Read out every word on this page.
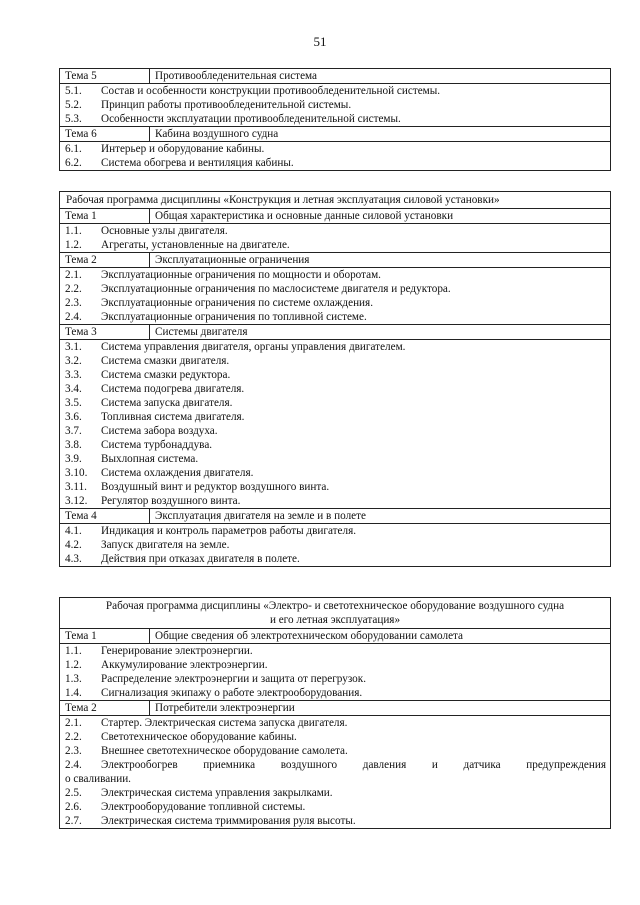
51
Тема 5	Противообледенительная система
5.1.	Состав и особенности конструкции противообледенительной системы.
5.2.	Принцип работы противообледенительной системы.
5.3.	Особенности эксплуатации противообледенительной системы.
Тема 6	Кабина воздушного судна
6.1.	Интерьер и оборудование кабины.
6.2.	Система обогрева и вентиляция кабины.
Рабочая программа дисциплины «Конструкция и летная эксплуатация силовой установки»
Тема 1	Общая характеристика и основные данные силовой установки
1.1.	Основные узлы двигателя.
1.2.	Агрегаты, установленные на двигателе.
Тема 2	Эксплуатационные ограничения
2.1.	Эксплуатационные ограничения по мощности и оборотам.
2.2.	Эксплуатационные ограничения по маслосистеме двигателя и редуктора.
2.3.	Эксплуатационные ограничения по системе охлаждения.
2.4.	Эксплуатационные ограничения по топливной системе.
Тема 3	Системы двигателя
3.1.	Система управления двигателя, органы управления двигателем.
3.2.	Система смазки двигателя.
3.3.	Система смазки редуктора.
3.4.	Система подогрева двигателя.
3.5.	Система запуска двигателя.
3.6.	Топливная система двигателя.
3.7.	Система забора воздуха.
3.8.	Система турбонаддува.
3.9.	Выхлопная система.
3.10.	Система охлаждения двигателя.
3.11.	Воздушный винт и редуктор воздушного винта.
3.12.	Регулятор воздушного винта.
Тема 4	Эксплуатация двигателя на земле и в полете
4.1.	Индикация и контроль параметров работы двигателя.
4.2.	Запуск двигателя на земле.
4.3.	Действия при отказах двигателя в полете.
Рабочая программа дисциплины «Электро- и светотехническое оборудование воздушного судна
и его летная эксплуатация»
Тема 1	Общие сведения об электротехническом оборудовании самолета
1.1.	Генерирование электроэнергии.
1.2.	Аккумулирование электроэнергии.
1.3.	Распределение электроэнергии и защита от перегрузок.
1.4.	Сигнализация экипажу о работе электрооборудования.
Тема 2	Потребители электроэнергии
2.1.	Стартер. Электрическая система запуска двигателя.
2.2.	Светотехническое оборудование кабины.
2.3.	Внешнее светотехническое оборудование самолета.
2.4.	Электрообогрев приемника воздушного давления и датчика предупреждения
о сваливании.
2.5.	Электрическая система управления закрылками.
2.6.	Электрооборудование топливной системы.
2.7.	Электрическая система триммирования руля высоты.
